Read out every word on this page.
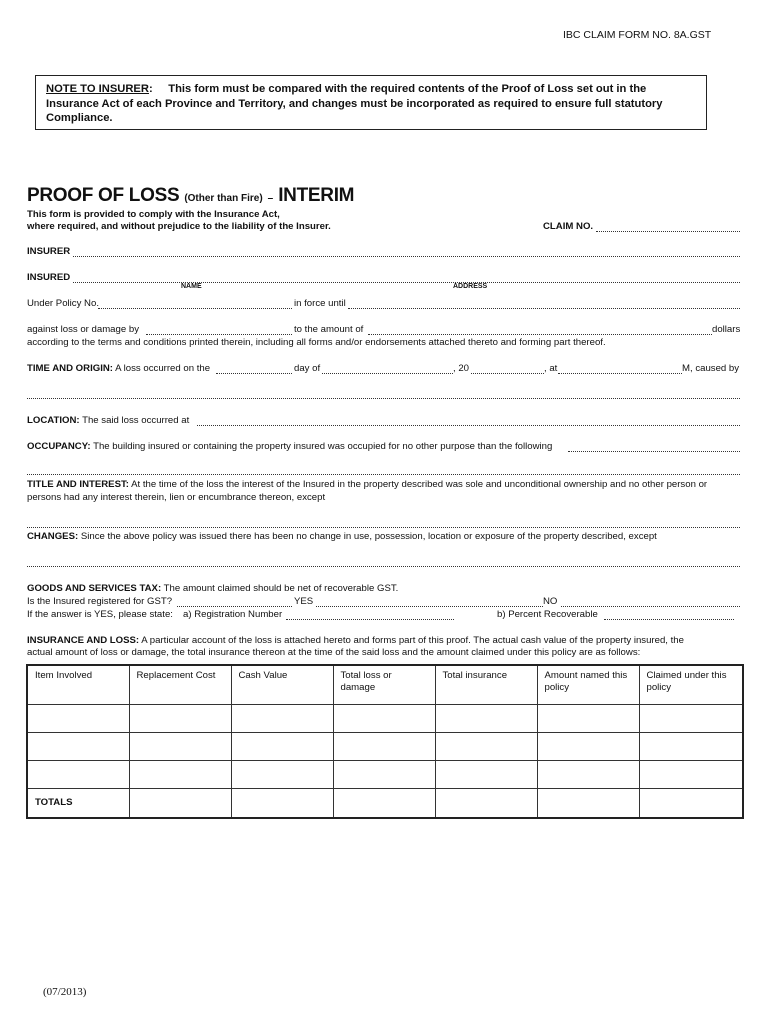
IBC CLAIM FORM NO. 8A.GST
NOTE TO INSURER: This form must be compared with the required contents of the Proof of Loss set out in the Insurance Act of each Province and Territory, and changes must be incorporated as required to ensure full statutory Compliance.
PROOF OF LOSS (Other than Fire) – INTERIM
This form is provided to comply with the Insurance Act,
where required, and without prejudice to the liability of the Insurer.	CLAIM NO.
INSURER
INSURED
NAME	ADDRESS
Under Policy No.	in force until
against loss or damage by	to the amount of	dollars
according to the terms and conditions printed therein, including all forms and/or endorsements attached thereto and forming part thereof.
TIME AND ORIGIN: A loss occurred on the	day of	, 20	, at	M, caused by
LOCATION: The said loss occurred at
OCCUPANCY: The building insured or containing the property insured was occupied for no other purpose than the following
TITLE AND INTEREST: At the time of the loss the interest of the Insured in the property described was sole and unconditional ownership and no other person or
persons had any interest therein, lien or encumbrance thereon, except
CHANGES: Since the above policy was issued there has been no change in use, possession, location or exposure of the property described, except
GOODS AND SERVICES TAX: The amount claimed should be net of recoverable GST.
Is the Insured registered for GST?	YES	NO
If the answer is YES, please state: a) Registration Number	b) Percent Recoverable
INSURANCE AND LOSS: A particular account of the loss is attached hereto and forms part of this proof. The actual cash value of the property insured, the
actual amount of loss or damage, the total insurance thereon at the time of the said loss and the amount claimed under this policy are as follows:
Item Involved	Replacement Cost	Cash Value	Total loss or damage	Total insurance	Amount named this policy	Claimed under this policy

TOTALS						
(07/2013)
